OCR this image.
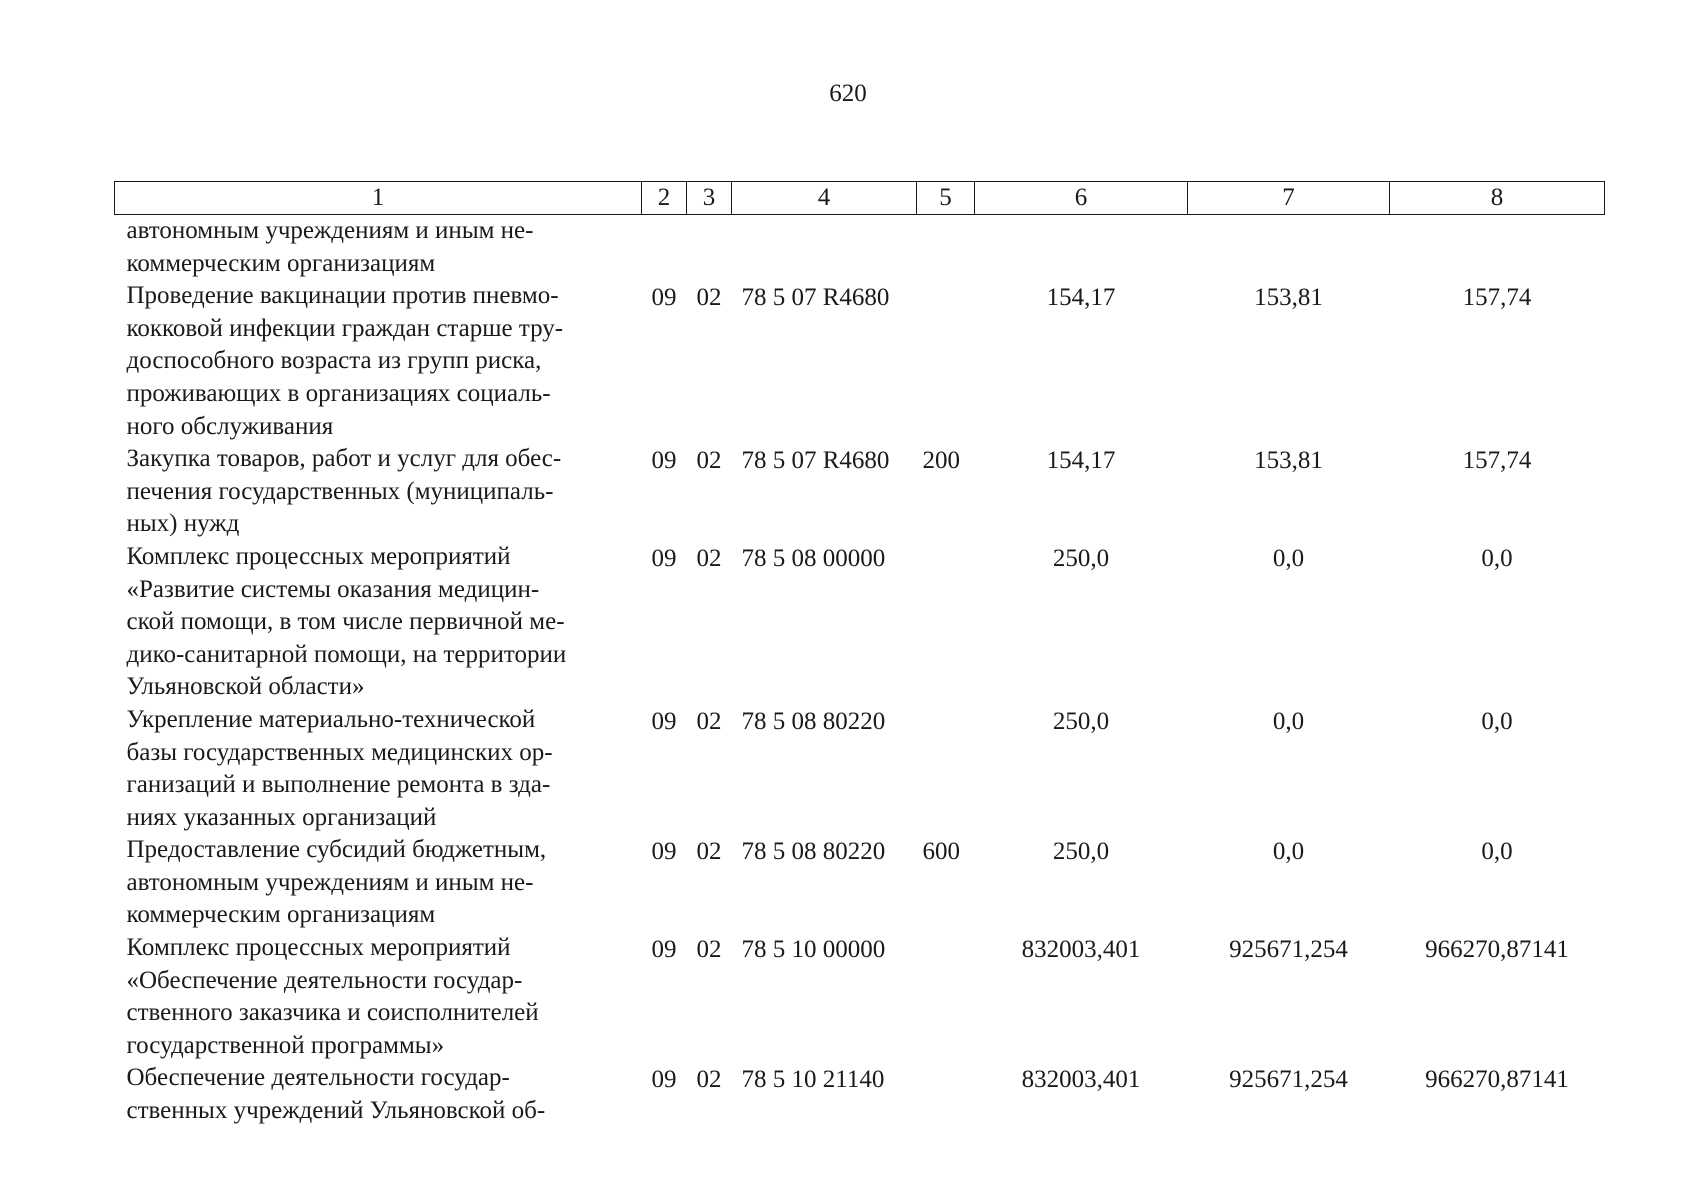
620
1	2	3	4	5	6	7	8

автономным учреждениям и иным не-
коммерческим организациям							

Проведение вакцинации против пневмо-
кокковой инфекции граждан старше тру-
доспособного возраста из групп риска,
проживающих в организациях социаль-
ного обслуживания	09	02	78 5 07 R4680		154,17	153,81	157,74

Закупка товаров, работ и услуг для обес-
печения государственных (муниципаль-
ных) нужд	09	02	78 5 07 R4680	200	154,17	153,81	157,74

Комплекс процессных мероприятий
«Развитие системы оказания медицин-
ской помощи, в том числе первичной ме-
дико-санитарной помощи, на территории
Ульяновской области»	09	02	78 5 08 00000		250,0	0,0	0,0

Укрепление материально-технической
базы государственных медицинских ор-
ганизаций и выполнение ремонта в зда-
ниях указанных организаций	09	02	78 5 08 80220		250,0	0,0	0,0

Предоставление субсидий бюджетным,
автономным учреждениям и иным не-
коммерческим организациям	09	02	78 5 08 80220	600	250,0	0,0	0,0

Комплекс процессных мероприятий
«Обеспечение деятельности государ-
ственного заказчика и соисполнителей
государственной программы»	09	02	78 5 10 00000		832003,401	925671,254	966270,87141

Обеспечение деятельности государ-
ственных учреждений Ульяновской об-	09	02	78 5 10 21140		832003,401	925671,254	966270,87141
